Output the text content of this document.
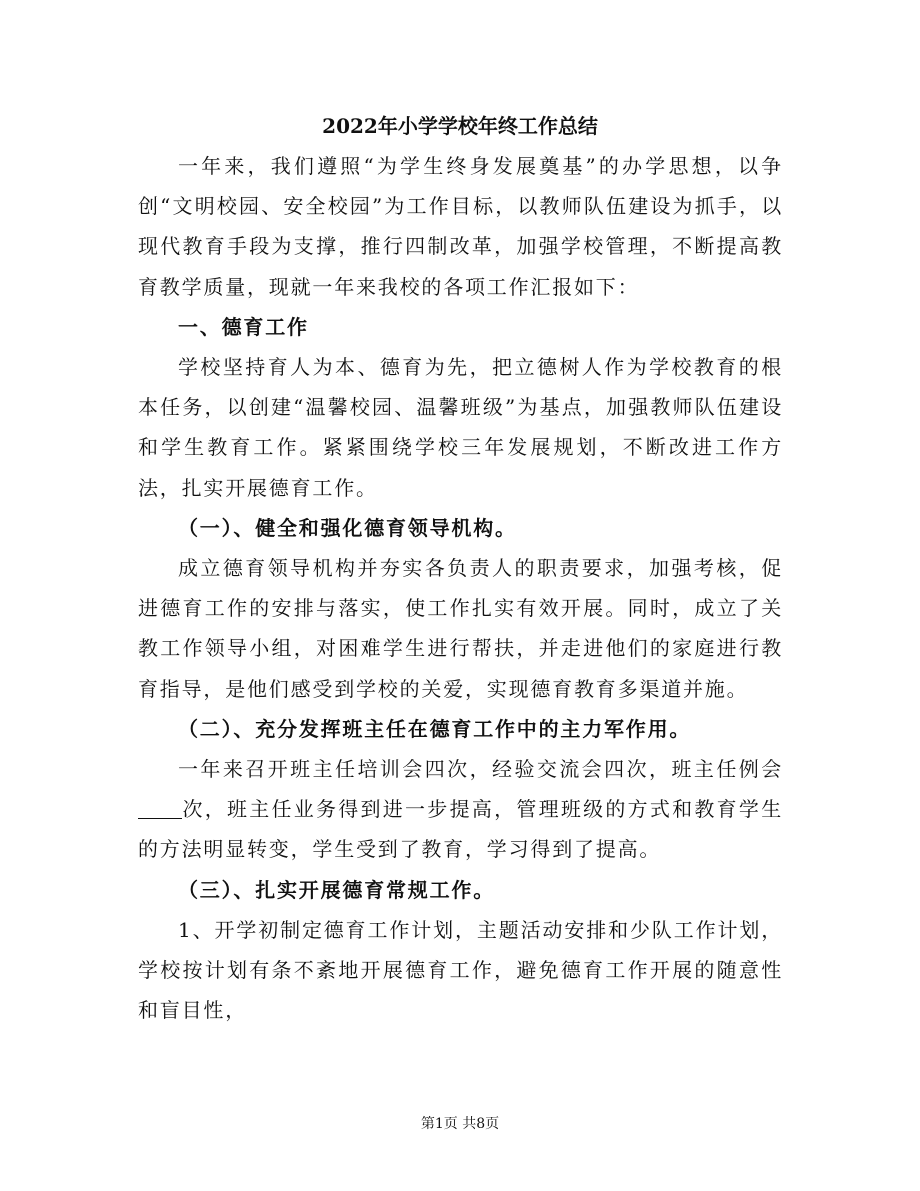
2022年小学学校年终工作总结

一年来，我们遵照“为学生终身发展奠基”的办学思想，以争创“文明校园、安全校园”为工作目标，以教师队伍建设为抓手，以现代教育手段为支撑，推行四制改革，加强学校管理，不断提高教育教学质量，现就一年来我校的各项工作汇报如下：

一、德育工作

学校坚持育人为本、德育为先，把立德树人作为学校教育的根本任务，以创建“温馨校园、温馨班级”为基点，加强教师队伍建设和学生教育工作。紧紧围绕学校三年发展规划，不断改进工作方法，扎实开展德育工作。

（一）、健全和强化德育领导机构。

成立德育领导机构并夯实各负责人的职责要求，加强考核，促进德育工作的安排与落实，使工作扎实有效开展。同时，成立了关教工作领导小组，对困难学生进行帮扶，并走进他们的家庭进行教育指导，是他们感受到学校的关爱，实现德育教育多渠道并施。

（二）、充分发挥班主任在德育工作中的主力军作用。

一年来召开班主任培训会四次，经验交流会四次，班主任例会次，班主任业务得到进一步提高，管理班级的方式和教育学生的方法明显转变，学生受到了教育，学习得到了提高。

（三）、扎实开展德育常规工作。

1、开学初制定德育工作计划，主题活动安排和少队工作计划，学校按计划有条不紊地开展德育工作，避免德育工作开展的随意性和盲目性，

第1页 共8页
